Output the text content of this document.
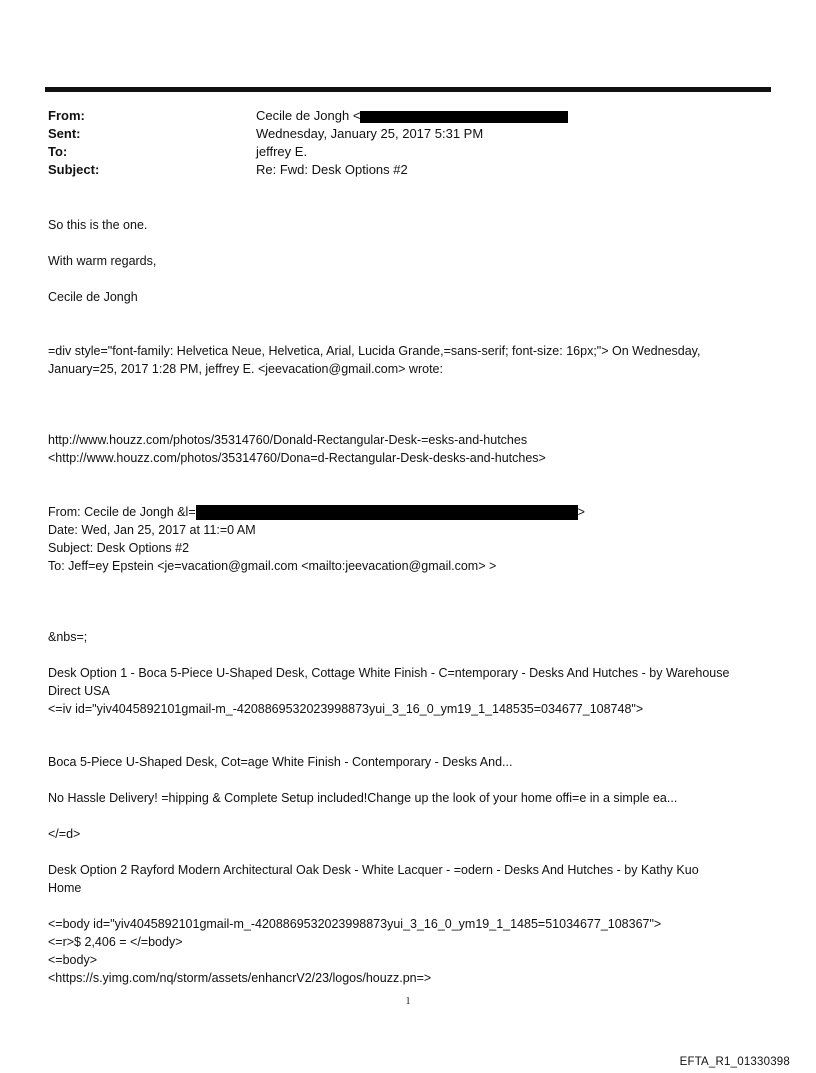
From:	Cecile de Jongh <
Sent:	Wednesday, January 25, 2017 5:31 PM
To:	jeffrey E.
Subject:	Re: Fwd: Desk Options #2
So this is the one.
With warm regards,
Cecile de Jongh
=div style="font-family: Helvetica Neue, Helvetica, Arial, Lucida Grande,=sans-serif; font-size: 16px;"> On Wednesday,
January=25, 2017 1:28 PM, jeffrey E. <jeevacation@gmail.com> wrote:
http://www.houzz.com/photos/35314760/Donald-Rectangular-Desk-=esks-and-hutches
<http://www.houzz.com/photos/35314760/Dona=d-Rectangular-Desk-desks-and-hutches>
From: Cecile de Jongh &l=	>
Date: Wed, Jan 25, 2017 at 11:=0 AM
Subject: Desk Options #2
To: Jeff=ey Epstein <je=vacation@gmail.com <mailto:jeevacation@gmail.com> >
&nbs=;
Desk Option 1 - Boca 5-Piece U-Shaped Desk, Cottage White Finish - C=ntemporary - Desks And Hutches - by Warehouse
Direct USA
<=iv id="yiv4045892101gmail-m_-4208869532023998873yui_3_16_0_ym19_1_148535=034677_108748">
Boca 5-Piece U-Shaped Desk, Cot=age White Finish - Contemporary - Desks And...
No Hassle Delivery! =hipping & Complete Setup included!Change up the look of your home offi=e in a simple ea...
</=d>
Desk Option 2 Rayford Modern Architectural Oak Desk - White Lacquer - =odern - Desks And Hutches - by Kathy Kuo
Home
<=body id="yiv4045892101gmail-m_-4208869532023998873yui_3_16_0_ym19_1_1485=51034677_108367">
<=r>$ 2,406 = </=body>
<=body>
<https://s.yimg.com/nq/storm/assets/enhancrV2/23/logos/houzz.pn=>
1
EFTA_R1_01330398
